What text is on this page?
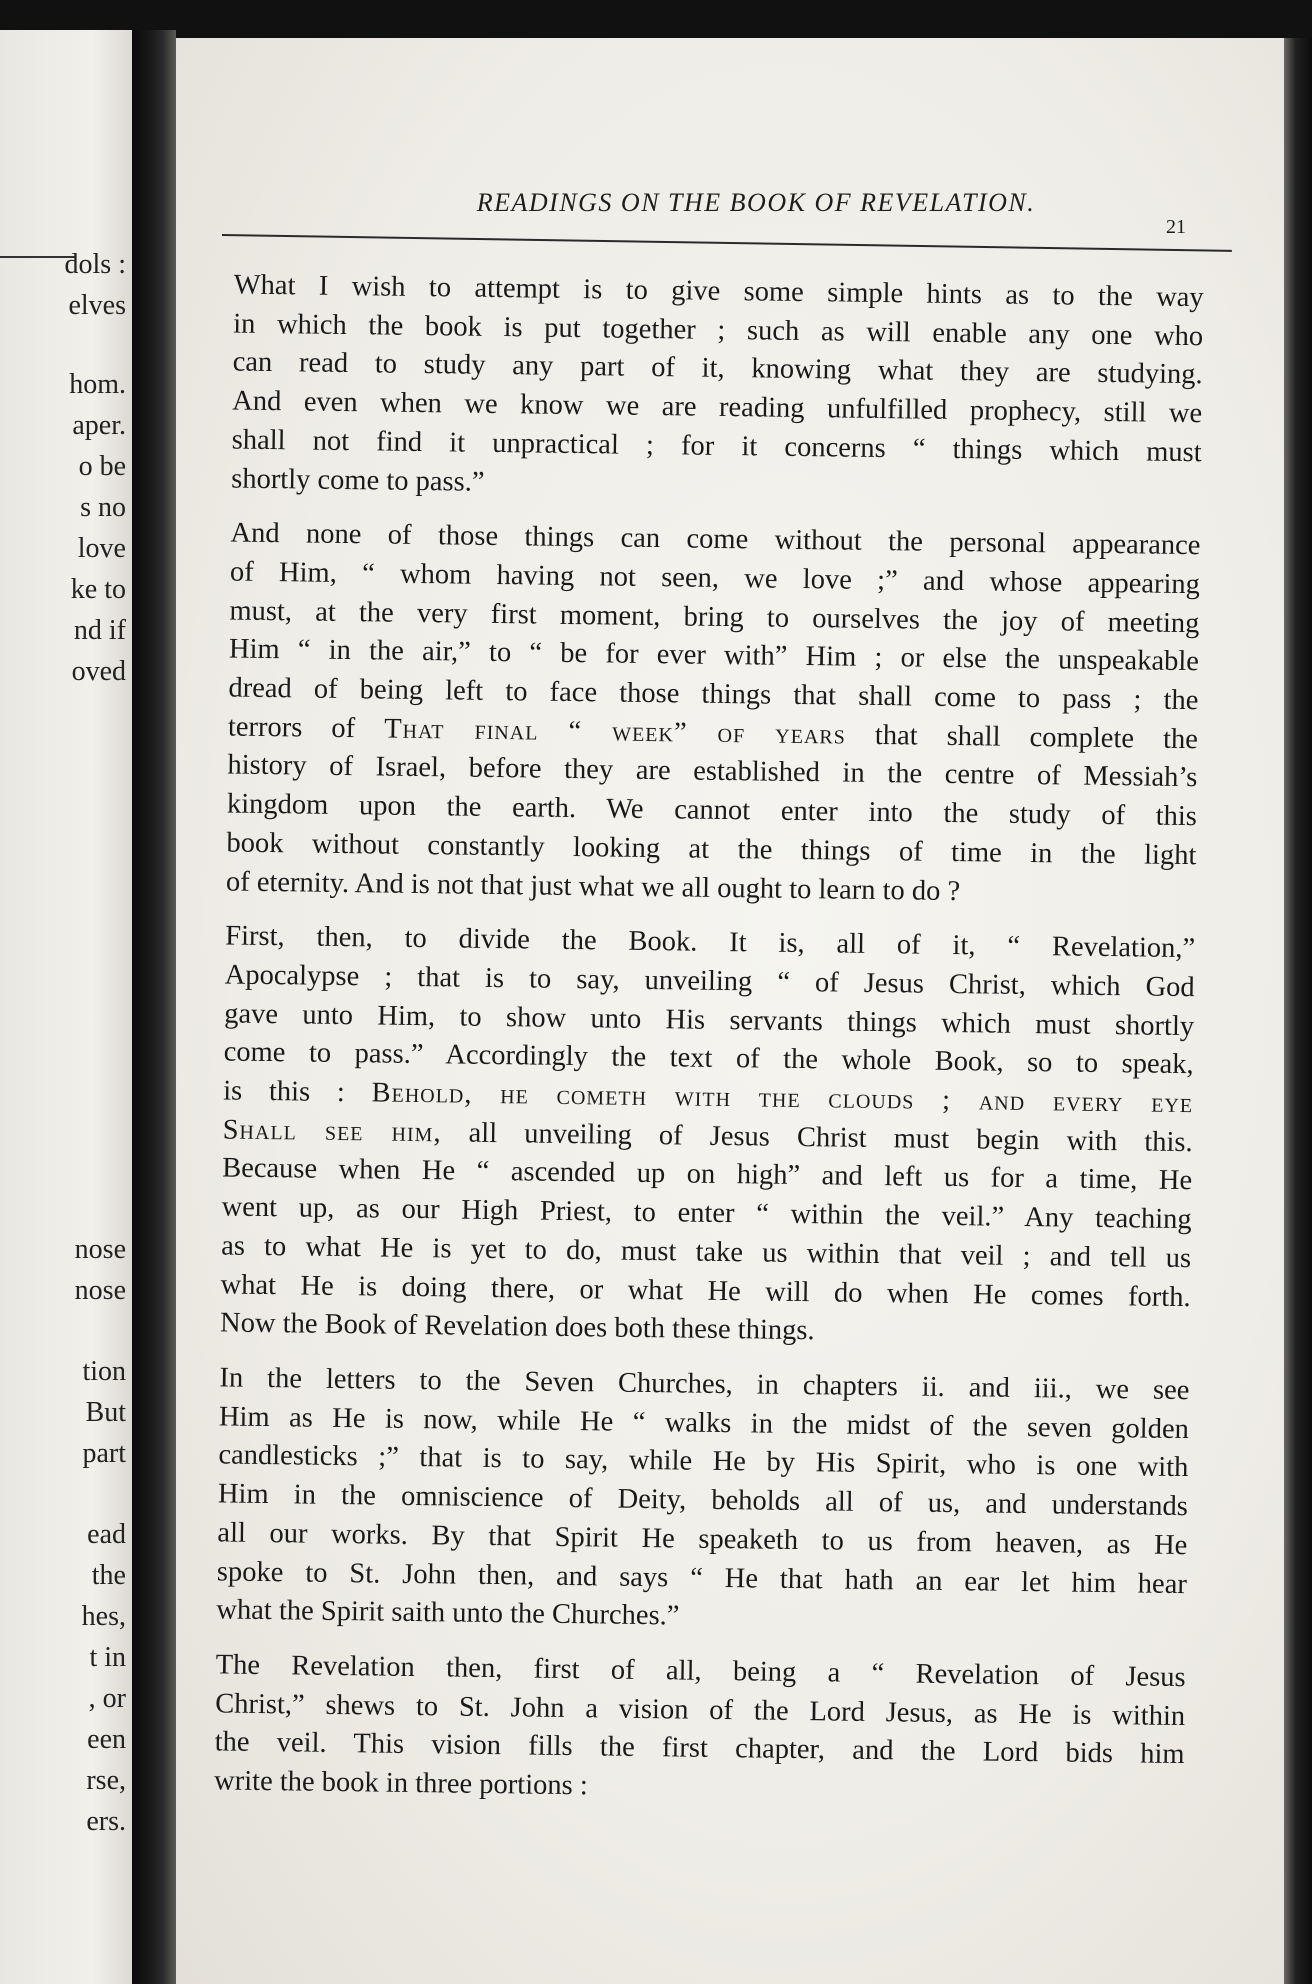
dols :
elves
hom.
aper.
o be
s no
love
ke to
nd if
oved
nose
nose
tion
But
part
ead
the
hes,
t in
, or
een
rse,
ers.
READINGS ON THE BOOK OF REVELATION.
21
What I wish to attempt is to give some simple hints as to the way
in which the book is put together ; such as will enable any one who
can read to study any part of it, knowing what they are studying.
And even when we know we are reading unfulfilled prophecy, still we
shall not find it unpractical ; for it concerns “ things which must
shortly come to pass.”
And none of those things can come without the personal appearance
of Him, “ whom having not seen, we love ;” and whose appearing
must, at the very first moment, bring to ourselves the joy of meeting
Him “ in the air,” to “ be for ever with” Him ; or else the unspeakable
dread of being left to face those things that shall come to pass ; the
terrors of That final “ week” of years that shall complete the
history of Israel, before they are established in the centre of Messiah’s
kingdom upon the earth. We cannot enter into the study of this
book without constantly looking at the things of time in the light
of eternity. And is not that just what we all ought to learn to do ?
First, then, to divide the Book. It is, all of it, “ Revelation,”
Apocalypse ; that is to say, unveiling “ of Jesus Christ, which God
gave unto Him, to show unto His servants things which must shortly
come to pass.” Accordingly the text of the whole Book, so to speak,
is this : Behold, he cometh with the clouds ; and every eye
Shall see him, all unveiling of Jesus Christ must begin with this.
Because when He “ ascended up on high” and left us for a time, He
went up, as our High Priest, to enter “ within the veil.” Any teaching
as to what He is yet to do, must take us within that veil ; and tell us
what He is doing there, or what He will do when He comes forth.
Now the Book of Revelation does both these things.
In the letters to the Seven Churches, in chapters ii. and iii., we see
Him as He is now, while He “ walks in the midst of the seven golden
candlesticks ;” that is to say, while He by His Spirit, who is one with
Him in the omniscience of Deity, beholds all of us, and understands
all our works. By that Spirit He speaketh to us from heaven, as He
spoke to St. John then, and says “ He that hath an ear let him hear
what the Spirit saith unto the Churches.”
The Revelation then, first of all, being a “ Revelation of Jesus
Christ,” shews to St. John a vision of the Lord Jesus, as He is within
the veil. This vision fills the first chapter, and the Lord bids him
write the book in three portions :
